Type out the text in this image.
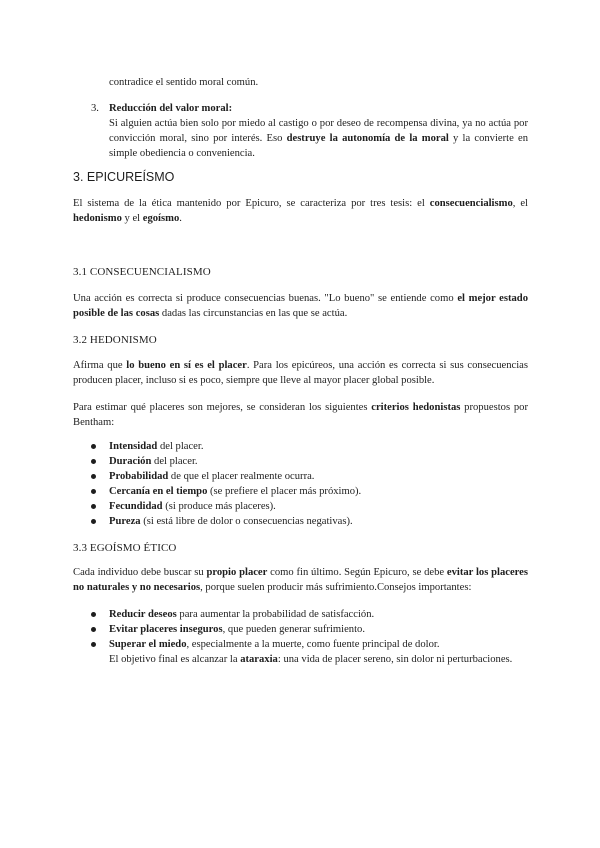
contradice el sentido moral común.
3. Reducción del valor moral:
Si alguien actúa bien solo por miedo al castigo o por deseo de recompensa divina, ya no actúa por convicción moral, sino por interés. Eso destruye la autonomía de la moral y la convierte en simple obediencia o conveniencia.
3. EPICUREÍSMO

El sistema de la ética mantenido por Epicuro, se caracteriza por tres tesis: el consecuencialismo, el hedonismo y el egoísmo.

3.1 CONSECUENCIALISMO

Una acción es correcta si produce consecuencias buenas. "Lo bueno" se entiende como el mejor estado posible de las cosas dadas las circunstancias en las que se actúa.

3.2 HEDONISMO

Afirma que lo bueno en sí es el placer. Para los epicúreos, una acción es correcta si sus consecuencias producen placer, incluso si es poco, siempre que lleve al mayor placer global posible.

Para estimar qué placeres son mejores, se consideran los siguientes criterios hedonistas propuestos por Bentham:

Intensidad del placer.
Duración del placer.
Probabilidad de que el placer realmente ocurra.
Cercanía en el tiempo (se prefiere el placer más próximo).
Fecundidad (si produce más placeres).
Pureza (si está libre de dolor o consecuencias negativas).
3.3 EGOÍSMO ÉTICO

Cada individuo debe buscar su propio placer como fin último. Según Epicuro, se debe evitar los placeres no naturales y no necesarios, porque suelen producir más sufrimiento.Consejos importantes:

Reducir deseos para aumentar la probabilidad de satisfacción.
Evitar placeres inseguros, que pueden generar sufrimiento.
Superar el miedo, especialmente a la muerte, como fuente principal de dolor.
El objetivo final es alcanzar la ataraxia: una vida de placer sereno, sin dolor ni perturbaciones.
